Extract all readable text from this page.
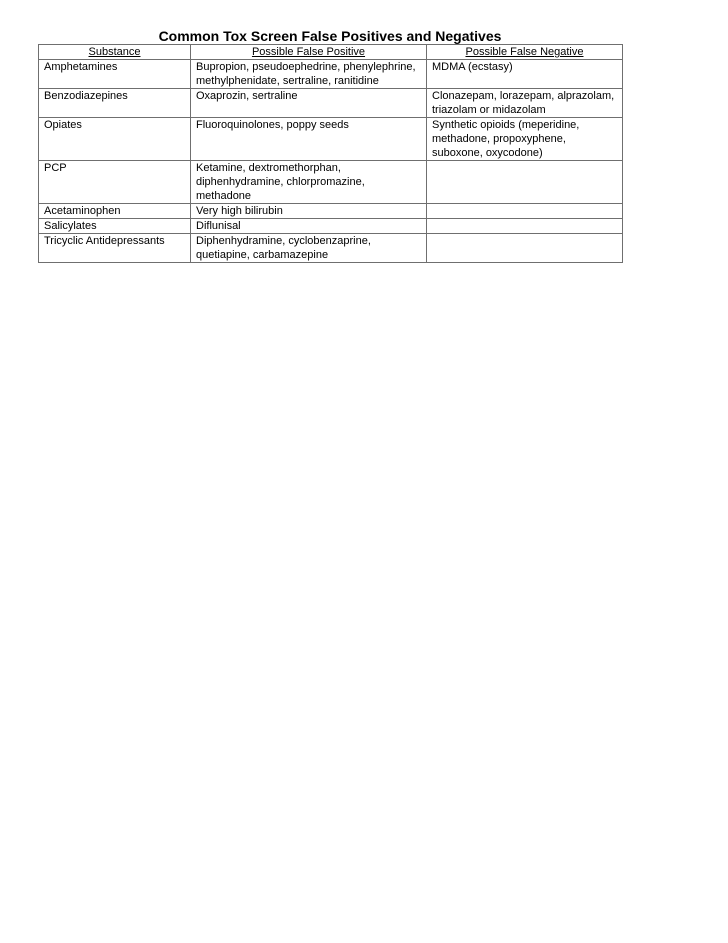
Common Tox Screen False Positives and Negatives
Substance	Possible False Positive	Possible False Negative
Amphetamines	Bupropion, pseudoephedrine, phenylephrine, methylphenidate, sertraline, ranitidine	MDMA (ecstasy)
Benzodiazepines	Oxaprozin, sertraline	Clonazepam, lorazepam, alprazolam, triazolam or midazolam
Opiates	Fluoroquinolones, poppy seeds	Synthetic opioids (meperidine, methadone, propoxyphene, suboxone, oxycodone)
PCP	Ketamine, dextromethorphan, diphenhydramine, chlorpromazine, methadone	
Acetaminophen	Very high bilirubin	
Salicylates	Diflunisal	
Tricyclic Antidepressants	Diphenhydramine, cyclobenzaprine, quetiapine, carbamazepine	
